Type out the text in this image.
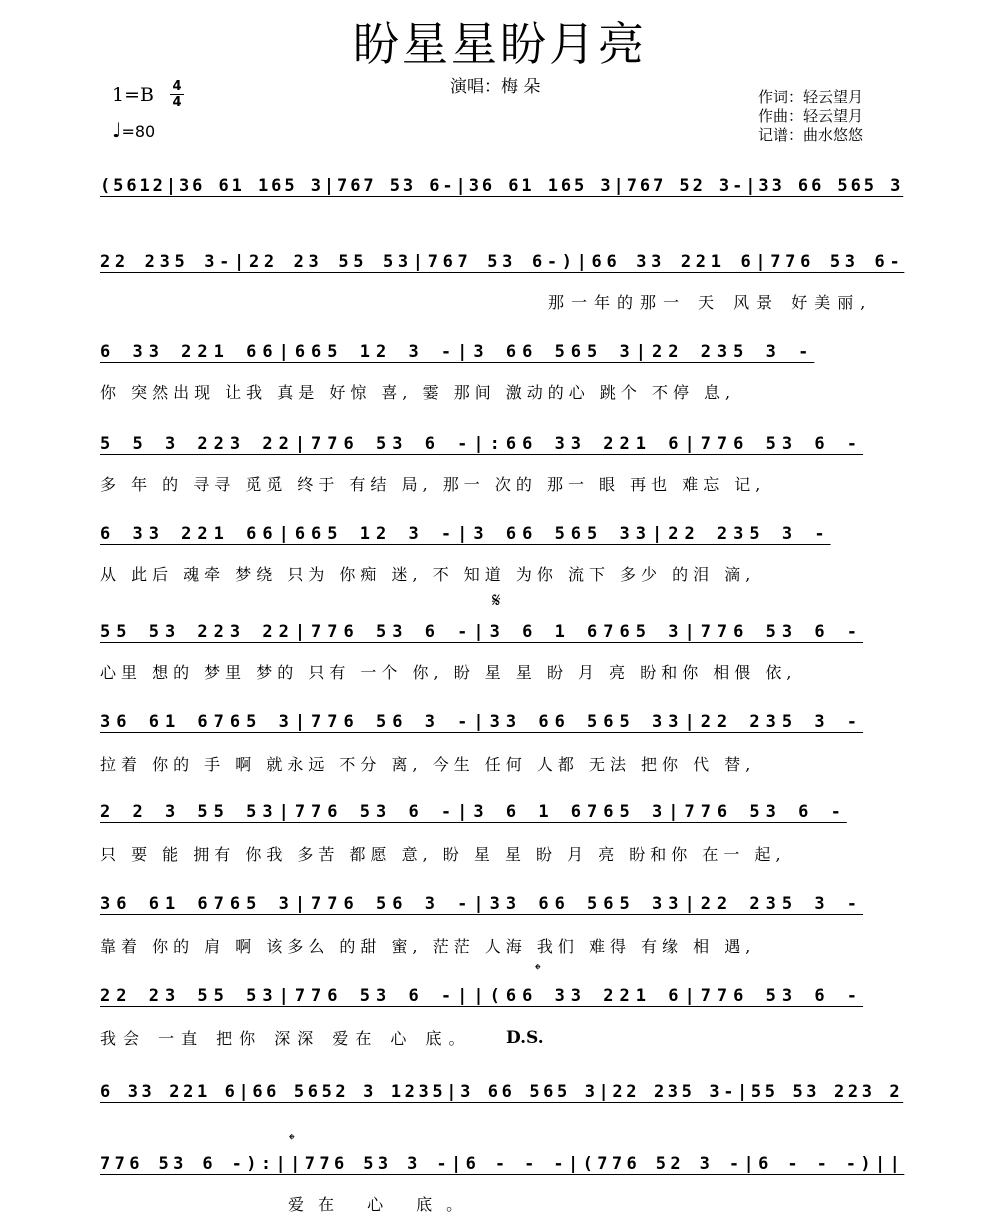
盼星星盼月亮
演唱：梅 朵
1=B 4
4
♩=80
作词：轻云望月
作曲：轻云望月
记谱：曲水悠悠
𝄋
𝄌
𝄌
D.S.
(5612|36 61 165 3|767 53 6-|36 61 165 3|767 52 3-|33 66 565 3
22 235 3-|22 23 55 53|767 53 6-)|66 33 221 6|776 53 6-
那一年的那一 天 风景 好美丽,
6 33 221 66|665 12 3 -|3 66 565 3|22 235 3 -
你 突然出现 让我 真是 好惊 喜, 霎 那间 激动的心 跳个 不停 息,
5 5 3 223 22|776 53 6 -|:66 33 221 6|776 53 6 -
多 年 的 寻寻 觅觅 终于 有结 局, 那一 次的 那一 眼 再也 难忘 记,
6 33 221 66|665 12 3 -|3 66 565 33|22 235 3 -
从 此后 魂牵 梦绕 只为 你痴 迷, 不 知道 为你 流下 多少 的泪 滴,
55 53 223 22|776 53 6 -|3 6 1 6765 3|776 53 6 -
心里 想的 梦里 梦的 只有 一个 你, 盼 星 星 盼 月 亮 盼和你 相偎 依,
36 61 6765 3|776 56 3 -|33 66 565 33|22 235 3 -
拉着 你的 手 啊 就永远 不分 离, 今生 任何 人都 无法 把你 代 替,
2 2 3 55 53|776 53 6 -|3 6 1 6765 3|776 53 6 -
只 要 能 拥有 你我 多苦 都愿 意, 盼 星 星 盼 月 亮 盼和你 在一 起,
36 61 6765 3|776 56 3 -|33 66 565 33|22 235 3 -
靠着 你的 肩 啊 该多么 的甜 蜜, 茫茫 人海 我们 难得 有缘 相 遇,
22 23 55 53|776 53 6 -||(66 33 221 6|776 53 6 -
我会 一直 把你 深深 爱在 心 底。
6 33 221 6|66 5652 3 1235|3 66 565 3|22 235 3-|55 53 223 2
776 53 6 -):||776 53 3 -|6 - - -|(776 52 3 -|6 - - -)||
爱在 心 底。
